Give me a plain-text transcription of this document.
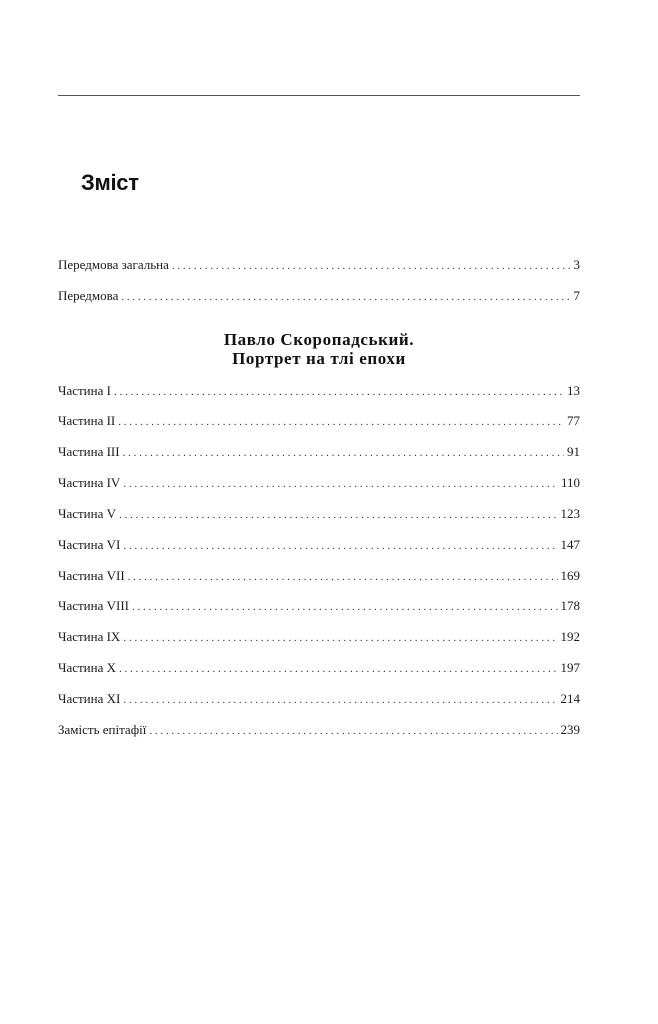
Зміст
Передмова загальна . . .	3
Передмова . . .	7
Частина I . . .	13
Частина II . . .	77
Частина III . . .	91
Частина IV . . .	110
Частина V . . .	123
Частина VI . . .	147
Частина VII . . .	169
Частина VIII . . .	178
Частина IX . . .	192
Частина X . . .	197
Частина XI . . .	214
Замість епітафії . . .	239
Павло Скоропадський.
Портрет на тлі епохи
